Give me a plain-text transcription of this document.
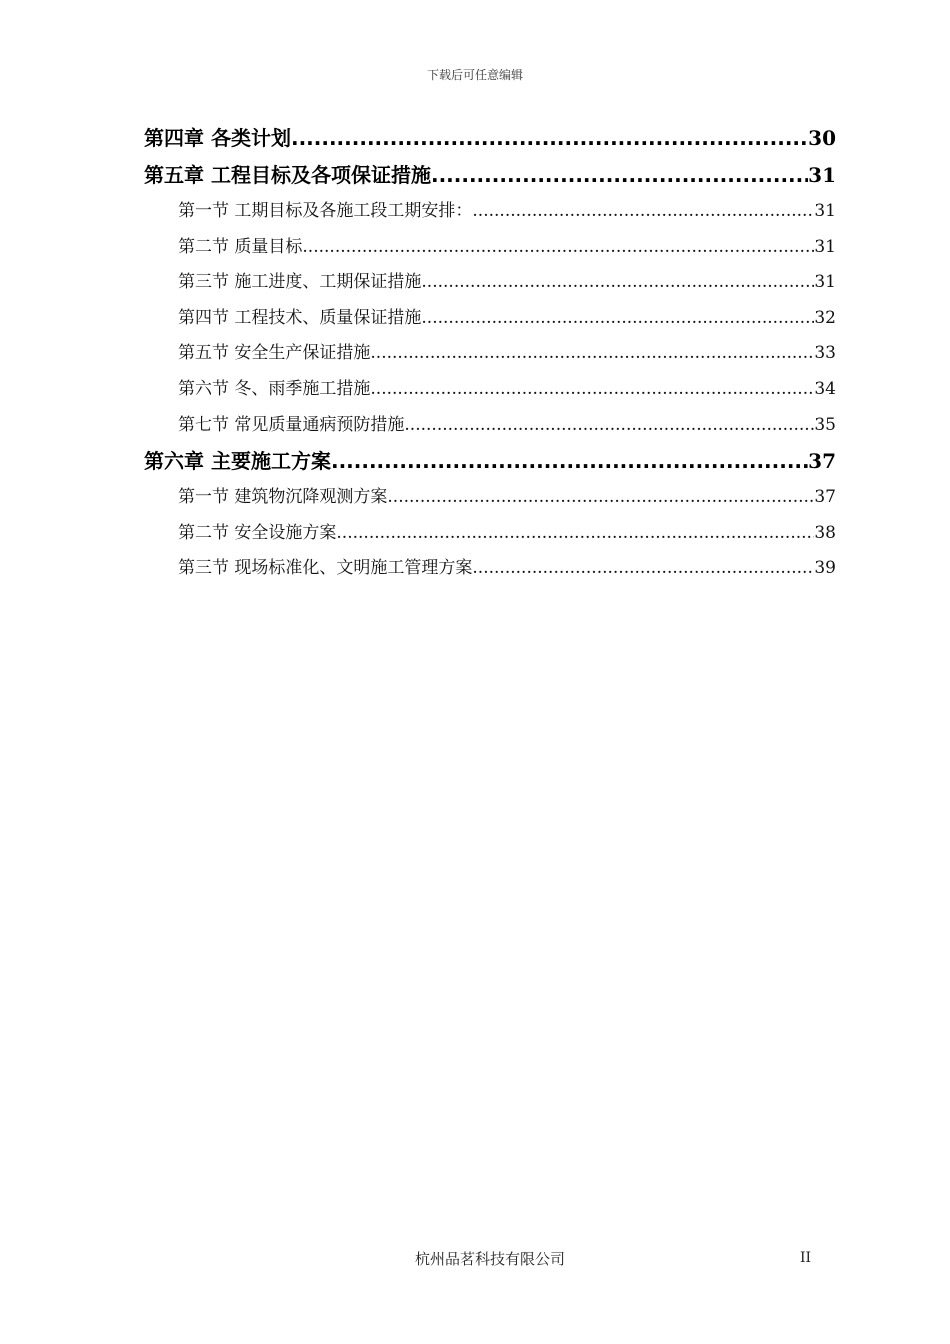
下载后可任意编辑
第四章 各类计划 .....	30
第五章 工程目标及各项保证措施 .....	31
第一节 工期目标及各施工段工期安排： .....	31
第二节 质量目标 .....	31
第三节 施工进度、工期保证措施 .....	31
第四节 工程技术、质量保证措施 .....	32
第五节 安全生产保证措施 .....	33
第六节 冬、雨季施工措施 .....	34
第七节 常见质量通病预防措施 .....	35
第六章 主要施工方案 .....	37
第一节 建筑物沉降观测方案 .....	37
第二节 安全设施方案 .....	38
第三节 现场标准化、文明施工管理方案 .....	39
杭州品茗科技有限公司	II
